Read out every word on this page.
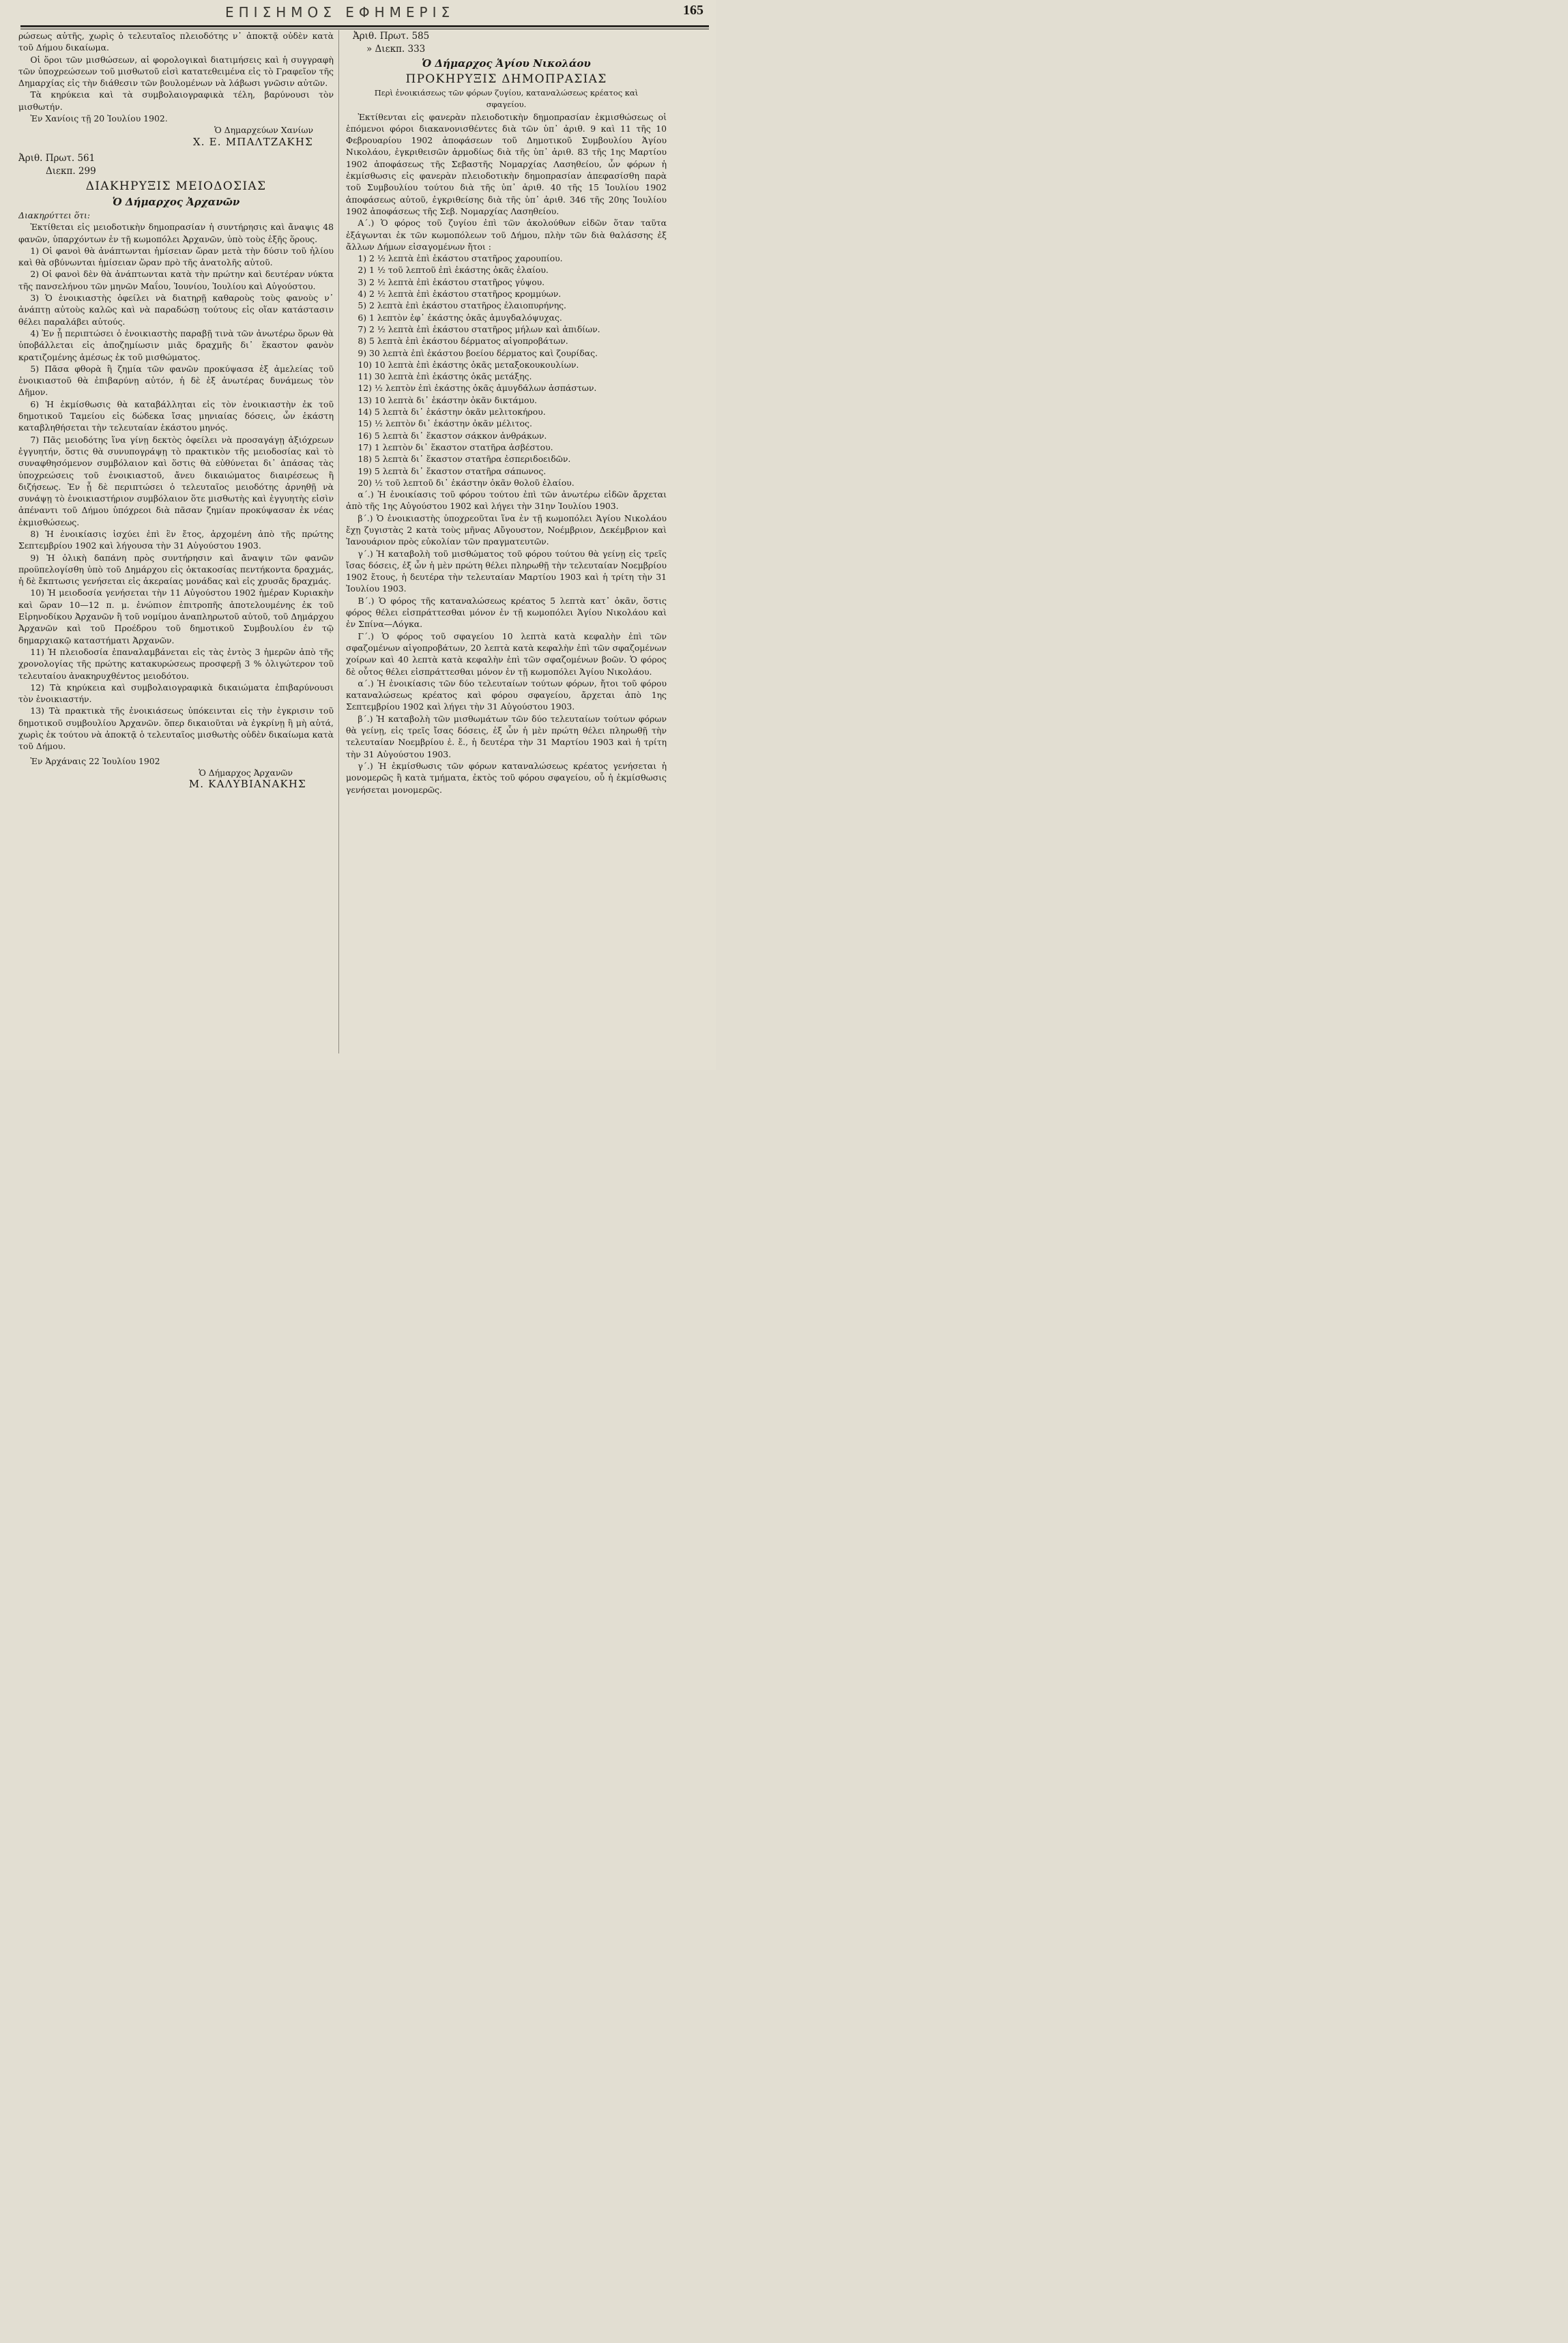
ΕΠΙΣΗΜΟΣ ΕΦΗΜΕΡΙΣ	165

ρώσεως αὐτῆς, χωρὶς ὁ τελευταῖος πλειοδότης ν᾿ ἀποκτᾷ οὐδὲν κατὰ τοῦ Δήμου δικαίωμα.

Οἱ ὅροι τῶν μισθώσεων, αἱ φορολογικαὶ διατιμήσεις καὶ ἡ συγγραφὴ τῶν ὑποχρεώσεων τοῦ μισθωτοῦ εἰσὶ κατατεθειμένα εἰς τὸ Γραφεῖον τῆς Δημαρχίας εἰς τὴν διάθεσιν τῶν βουλομένων νὰ λάβωσι γνῶσιν αὐτῶν.

Τὰ κηρύκεια καὶ τὰ συμβολαιογραφικὰ τέλη, βαρύνουσι τὸν μισθωτήν.

Ἐν Χανίοις τῇ 20 Ἰουλίου 1902.

Ὁ Δημαρχεύων Χανίων

Χ. Ε. ΜΠΑΛΤΖΑΚΗΣ

Ἀριθ. Πρωτ. 561

Διεκπ. 299

ΔΙΑΚΗΡΥΞΙΣ ΜΕΙΟΔΟΣΙΑΣ

Ὁ Δήμαρχος Ἀρχανῶν

Διακηρύττει ὅτι:

Ἐκτίθεται εἰς μειοδοτικὴν δημοπρασίαν ἡ συντήρησις καὶ ἄναψις 48 φανῶν, ὑπαρχόντων ἐν τῇ κωμοπόλει Ἀρχανῶν, ὑπὸ τοὺς ἑξῆς ὅρους.

1) Οἱ φανοὶ θὰ ἀνάπτωνται ἡμίσειαν ὥραν μετὰ τὴν δύσιν τοῦ ἡλίου καὶ θὰ σβύνωνται ἡμίσειαν ὥραν πρὸ τῆς ἀνατολῆς αὐτοῦ.

2) Οἱ φανοὶ δὲν θὰ ἀνάπτωνται κατὰ τὴν πρώτην καὶ δευτέραν νύκτα τῆς πανσελήνου τῶν μηνῶν Μαΐου, Ἰουνίου, Ἰουλίου καὶ Αὐγούστου.

3) Ὁ ἐνοικιαστὴς ὀφείλει νὰ διατηρῇ καθαροὺς τοὺς φανοὺς ν᾿ ἀνάπτῃ αὐτοὺς καλῶς καὶ νὰ παραδώσῃ τούτους εἰς οἵαν κατάστασιν θέλει παραλάβει αὐτούς.

4) Ἐν ᾗ περιπτώσει ὁ ἐνοικιαστὴς παραβῇ τινὰ τῶν ἀνωτέρω ὅρων θὰ ὑποβάλλεται εἰς ἀποζημίωσιν μιᾶς δραχμῆς δι᾿ ἕκαστον φανὸν κρατιζομένης ἀμέσως ἐκ τοῦ μισθώματος.

5) Πᾶσα φθορὰ ἢ ζημία τῶν φανῶν προκύψασα ἐξ ἀμελείας τοῦ ἐνοικιαστοῦ θὰ ἐπιβαρύνῃ αὐτόν, ἡ δὲ ἐξ ἀνωτέρας δυνάμεως τὸν Δῆμον.

6) Ἡ ἐκμίσθωσις θὰ καταβάλληται εἰς τὸν ἐνοικιαστὴν ἐκ τοῦ δημοτικοῦ Ταμείου εἰς δώδεκα ἴσας μηνιαίας δόσεις, ὧν ἑκάστη καταβληθήσεται τὴν τελευταίαν ἑκάστου μηνός.

7) Πᾶς μειοδότης ἵνα γίνῃ δεκτὸς ὀφείλει νὰ προσαγάγῃ ἀξιόχρεων ἐγγυητήν, ὅστις θὰ συνυπογράψῃ τὸ πρακτικὸν τῆς μειοδοσίας καὶ τὸ συναφθησόμενον συμβόλαιον καὶ ὅστις θὰ εὐθύνεται δι᾿ ἁπάσας τὰς ὑποχρεώσεις τοῦ ἐνοικιαστοῦ, ἄνευ δικαιώματος διαιρέσεως ἢ διζήσεως. Ἐν ᾗ δὲ περιπτώσει ὁ τελευταῖος μειοδότης ἀρνηθῇ νὰ συνάψῃ τὸ ἐνοικιαστήριον συμβόλαιον ὅτε μισθωτὴς καὶ ἐγγυητὴς εἰσὶν ἀπέναντι τοῦ Δήμου ὑπόχρεοι διὰ πᾶσαν ζημίαν προκύψασαν ἐκ νέας ἐκμισθώσεως.

8) Ἡ ἐνοικίασις ἰσχύει ἐπὶ ἓν ἔτος, ἀρχομένη ἀπὸ τῆς πρώτης Σεπτεμβρίου 1902 καὶ λήγουσα τὴν 31 Αὐγούστου 1903.

9) Ἡ ὁλικὴ δαπάνη πρὸς συντήρησιν καὶ ἄναψιν τῶν φανῶν προϋπελογίσθη ὑπὸ τοῦ Δημάρχου εἰς ὀκτακοσίας πεντήκοντα δραχμάς, ἡ δὲ ἔκπτωσις γενήσεται εἰς ἀκεραίας μονάδας καὶ εἰς χρυσᾶς δραχμάς.

10) Ἡ μειοδοσία γενήσεται τὴν 11 Αὐγούστου 1902 ἡμέραν Κυριακὴν καὶ ὥραν 10—12 π. μ. ἐνώπιον ἐπιτροπῆς ἀποτελουμένης ἐκ τοῦ Εἰρηνοδίκου Ἀρχανῶν ἢ τοῦ νομίμου ἀναπληρωτοῦ αὐτοῦ, τοῦ Δημάρχου Ἀρχανῶν καὶ τοῦ Προέδρου τοῦ δημοτικοῦ Συμβουλίου ἐν τῷ δημαρχιακῷ καταστήματι Ἀρχανῶν.

11) Ἡ πλειοδοσία ἐπαναλαμβάνεται εἰς τὰς ἐντὸς 3 ἡμερῶν ἀπὸ τῆς χρονολογίας τῆς πρώτης κατακυρώσεως προσφερῇ 3 % ὀλιγώτερον τοῦ τελευταίου ἀνακηρυχθέντος μειοδότου.

12) Τὰ κηρύκεια καὶ συμβολαιογραφικὰ δικαιώματα ἐπιβαρύνουσι τὸν ἐνοικιαστήν.

13) Τὰ πρακτικὰ τῆς ἐνοικιάσεως ὑπόκεινται εἰς τὴν ἐγκρισιν τοῦ δημοτικοῦ συμβουλίου Ἀρχανῶν. ὅπερ δικαιοῦται νὰ ἐγκρίνῃ ἢ μὴ αὐτά, χωρὶς ἐκ τούτου νὰ ἀποκτᾷ ὁ τελευταῖος μισθωτὴς οὐδὲν δικαίωμα κατὰ τοῦ Δήμου.

Ἐν Ἀρχάναις 22 Ἰουλίου 1902

Ὁ Δήμαρχος Ἀρχανῶν

Μ. ΚΑΛΥΒΙΑΝΑΚΗΣ

Ἀριθ. Πρωτ. 585

» Διεκπ. 333

Ὁ Δήμαρχος Ἁγίου Νικολάου

ΠΡΟΚΗΡΥΞΙΣ ΔΗΜΟΠΡΑΣΙΑΣ

Περὶ ἐνοικιάσεως τῶν φόρων ζυγίου, καταναλώσεως κρέατος καὶ σφαγείου.

Ἐκτίθενται εἰς φανερὰν πλειοδοτικὴν δημοπρασίαν ἐκμισθώσεως οἱ ἑπόμενοι φόροι διακανονισθέντες διὰ τῶν ὑπ᾿ ἀριθ. 9 καὶ 11 τῆς 10 Φεβρουαρίου 1902 ἀποφάσεων τοῦ Δημοτικοῦ Συμβουλίου Ἁγίου Νικολάου, ἐγκριθεισῶν ἁρμοδίως διὰ τῆς ὑπ᾿ ἀριθ. 83 τῆς 1ης Μαρτίου 1902 ἀποφάσεως τῆς Σεβαστῆς Νομαρχίας Λασηθείου, ὧν φόρων ἡ ἐκμίσθωσις εἰς φανερὰν πλειοδοτικὴν δημοπρασίαν ἀπεφασίσθη παρὰ τοῦ Συμβουλίου τούτου διὰ τῆς ὑπ᾿ ἀριθ. 40 τῆς 15 Ἰουλίου 1902 ἀποφάσεως αὐτοῦ, ἐγκριθείσης διὰ τῆς ὑπ᾿ ἀριθ. 346 τῆς 20ης Ἰουλίου 1902 ἀποφάσεως τῆς Σεβ. Νομαρχίας Λασηθείου.

Α΄.) Ὁ φόρος τοῦ ζυγίου ἐπὶ τῶν ἀκολούθων εἰδῶν ὅταν ταῦτα ἐξάγωνται ἐκ τῶν κωμοπόλεων τοῦ Δήμου, πλὴν τῶν διὰ θαλάσσης ἐξ ἄλλων Δήμων εἰσαγομένων ἤτοι :

1) 2 ½ λεπτὰ ἐπὶ ἑκάστου στατῆρος χαρουπίου.

2) 1 ½ τοῦ λεπτοῦ ἐπὶ ἑκάστης ὀκᾶς ἐλαίου.

3) 2 ½ λεπτὰ ἐπὶ ἑκάστου στατῆρος γύψου.

4) 2 ½ λεπτὰ ἐπὶ ἑκάστου στατῆρος κρομμύων.

5) 2 λεπτὰ ἐπὶ ἑκάστου στατῆρος ἐλαιοπυρήνης.

6) 1 λεπτὸν ἐφ᾿ ἑκάστης ὀκᾶς ἀμυγδαλόψυχας.

7) 2 ½ λεπτὰ ἐπὶ ἑκάστου στατῆρος μήλων καὶ ἀπιδίων.

8) 5 λεπτὰ ἐπὶ ἑκάστου δέρματος αἰγοπροβάτων.

9) 30 λεπτὰ ἐπὶ ἑκάστου βοείου δέρματος καὶ ζουρίδας.

10) 10 λεπτὰ ἐπὶ ἑκάστης ὀκᾶς μεταξοκουκουλίων.

11) 30 λεπτὰ ἐπὶ ἑκάστης ὀκᾶς μετάξης.

12) ½ λεπτὸν ἐπὶ ἑκάστης ὀκᾶς ἀμυγδάλων ἀσπάστων.

13) 10 λεπτὰ δι᾿ ἑκάστην ὀκᾶν δικτάμου.

14) 5 λεπτὰ δι᾿ ἑκάστην ὀκᾶν μελιτοκήρου.

15) ½ λεπτὸν δι᾿ ἑκάστην ὀκᾶν μέλιτος.

16) 5 λεπτὰ δι᾿ ἕκαστον σάκκον ἀνθράκων.

17) 1 λεπτὸν δι᾿ ἕκαστον στατῆρα ἀσβέστου.

18) 5 λεπτὰ δι᾿ ἕκαστον στατῆρα ἐσπεριδοειδῶν.

19) 5 λεπτὰ δι᾿ ἕκαστον στατῆρα σάπωνος.

20) ½ τοῦ λεπτοῦ δι᾿ ἑκάστην ὀκᾶν θολοῦ ἐλαίου.

α΄.) Ἡ ἐνοικίασις τοῦ φόρου τούτου ἐπὶ τῶν ἀνωτέρω εἰδῶν ἄρχεται ἀπὸ τῆς 1ης Αὐγούστου 1902 καὶ λήγει τὴν 31ην Ἰουλίου 1903.

β΄.) Ὁ ἐνοικιαστὴς ὑποχρεοῦται ἵνα ἐν τῇ κωμοπόλει Ἁγίου Νικολάου ἔχῃ ζυγιστὰς 2 κατὰ τοὺς μῆνας Αὔγουστον, Νοέμβριον, Δεκέμβριον καὶ Ἰανουάριον πρὸς εὐκολίαν τῶν πραγματευτῶν.

γ΄.) Ἡ καταβολὴ τοῦ μισθώματος τοῦ φόρου τούτου θὰ γείνῃ εἰς τρεῖς ἴσας δόσεις, ἐξ ὧν ἡ μὲν πρώτη θέλει πληρωθῇ τὴν τελευταίαν Νοεμβρίου 1902 ἔτους, ἡ δευτέρα τὴν τελευταίαν Μαρτίου 1903 καὶ ἡ τρίτη τὴν 31 Ἰουλίου 1903.

Β΄.) Ὁ φόρος τῆς καταναλώσεως κρέατος 5 λεπτὰ κατ᾿ ὀκᾶν, ὅστις φόρος θέλει εἰσπράττεσθαι μόνον ἐν τῇ κωμοπόλει Ἁγίου Νικολάου καὶ ἐν Σπίνα—Λόγκα.

Γ΄.) Ὁ φόρος τοῦ σφαγείου 10 λεπτὰ κατὰ κεφαλὴν ἐπὶ τῶν σφαζομένων αἰγοπροβάτων, 20 λεπτὰ κατὰ κεφαλὴν ἐπὶ τῶν σφαζομένων χοίρων καὶ 40 λεπτὰ κατὰ κεφαλὴν ἐπὶ τῶν σφαζομένων βοῶν. Ὁ φόρος δὲ οὗτος θέλει εἰσπράττεσθαι μόνον ἐν τῇ κωμοπόλει Ἁγίου Νικολάου.

α΄.) Ἡ ἐνοικίασις τῶν δύο τελευταίων τούτων φόρων, ἤτοι τοῦ φόρου καταναλώσεως κρέατος καὶ φόρου σφαγείου, ἄρχεται ἀπὸ 1ης Σεπτεμβρίου 1902 καὶ λήγει τὴν 31 Αὐγούστου 1903.

β΄.) Ἡ καταβολὴ τῶν μισθωμάτων τῶν δύο τελευταίων τούτων φόρων θὰ γείνῃ, εἰς τρεῖς ἴσας δόσεις, ἐξ ὧν ἡ μὲν πρώτη θέλει πληρωθῇ τὴν τελευταίαν Νοεμβρίου ἐ. ἔ., ἡ δευτέρα τὴν 31 Μαρτίου 1903 καὶ ἡ τρίτη τὴν 31 Αὐγούστου 1903.

γ΄.) Ἡ ἐκμίσθωσις τῶν φόρων καταναλώσεως κρέατος γενήσεται ἡ μονομερῶς ἢ κατὰ τμήματα, ἐκτὸς τοῦ φόρου σφαγείου, οὗ ἡ ἐκμίσθωσις γενήσεται μονομερῶς.
